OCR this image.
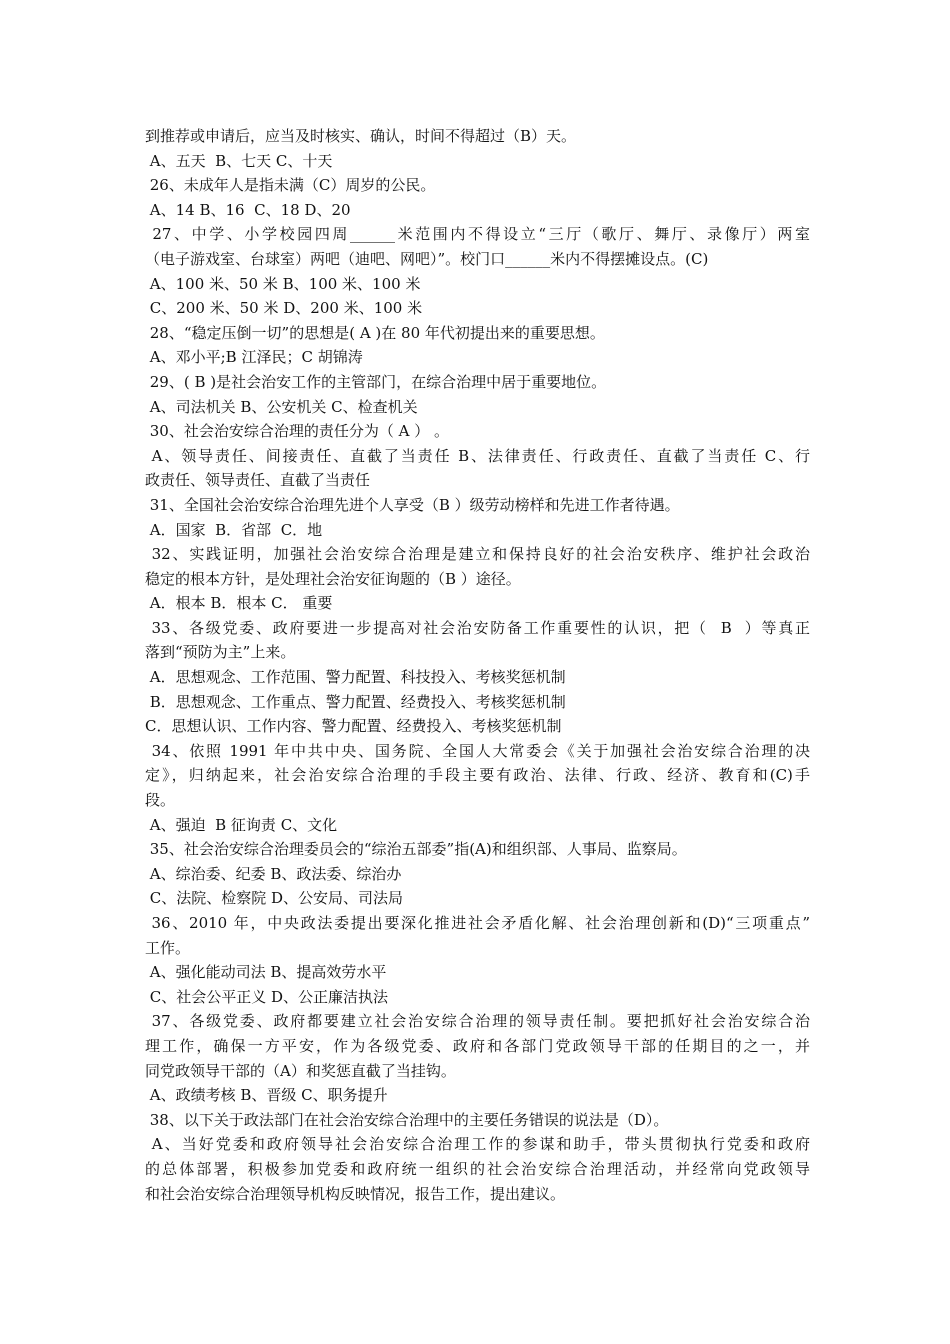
到推荐或申请后，应当及时核实、确认，时间不得超过（B）天。
A、五天  B、七天 C、十天
26、未成年人是指未满（C）周岁的公民。
A、14 B、16  C、18 D、20
27、中学、小学校园四周______米范围内不得设立“三厅（歌厅、舞厅、录像厅）两室
（电子游戏室、台球室）两吧（迪吧、网吧）”。校门口______米内不得摆摊设点。(C)
A、100 米、50 米 B、100 米、100 米
C、200 米、50 米 D、200 米、100 米
28、“稳定压倒一切”的思想是( A )在 80 年代初提出来的重要思想。
A、邓小平;B 江泽民；C 胡锦涛
29、( B )是社会治安工作的主管部门，在综合治理中居于重要地位。
A、司法机关 B、公安机关 C、检查机关
30、社会治安综合治理的责任分为（ A ） 。
A、领导责任、间接责任、直截了当责任 B、法律责任、行政责任、直截了当责任 C、行
政责任、领导责任、直截了当责任
31、全国社会治安综合治理先进个人享受（B ）级劳动榜样和先进工作者待遇。
A．国家  B．省部  C．地
32、实践证明，加强社会治安综合治理是建立和保持良好的社会治安秩序、维护社会政治
稳定的根本方针，是处理社会治安征询题的（B ）途径。
A．根本 B．根本 C． 重要
33、各级党委、政府要进一步提高对社会治安防备工作重要性的认识，把（  B  ）等真正
落到“预防为主”上来。
A．思想观念、工作范围、警力配置、科技投入、考核奖惩机制
B．思想观念、工作重点、警力配置、经费投入、考核奖惩机制
C．思想认识、工作内容、警力配置、经费投入、考核奖惩机制
34、依照 1991 年中共中央、国务院、全国人大常委会《关于加强社会治安综合治理的决
定》，归纳起来，社会治安综合治理的手段主要有政治、法律、行政、经济、教育和(C)手
段。
A、强迫  B 征询责 C、文化
35、社会治安综合治理委员会的“综治五部委”指(A)和组织部、人事局、监察局。
A、综治委、纪委 B、政法委、综治办
C、法院、检察院 D、公安局、司法局
36、2010 年，中央政法委提出要深化推进社会矛盾化解、社会治理创新和(D)“三项重点”
工作。
A、强化能动司法 B、提高效劳水平
C、社会公平正义 D、公正廉洁执法
37、各级党委、政府都要建立社会治安综合治理的领导责任制。要把抓好社会治安综合治
理工作，确保一方平安，作为各级党委、政府和各部门党政领导干部的任期目的之一，并
同党政领导干部的（A）和奖惩直截了当挂钩。
A、政绩考核 B、晋级 C、职务提升
38、以下关于政法部门在社会治安综合治理中的主要任务错误的说法是（D）。
A、当好党委和政府领导社会治安综合治理工作的参谋和助手，带头贯彻执行党委和政府
的总体部署，积极参加党委和政府统一组织的社会治安综合治理活动，并经常向党政领导
和社会治安综合治理领导机构反映情况，报告工作，提出建议。
